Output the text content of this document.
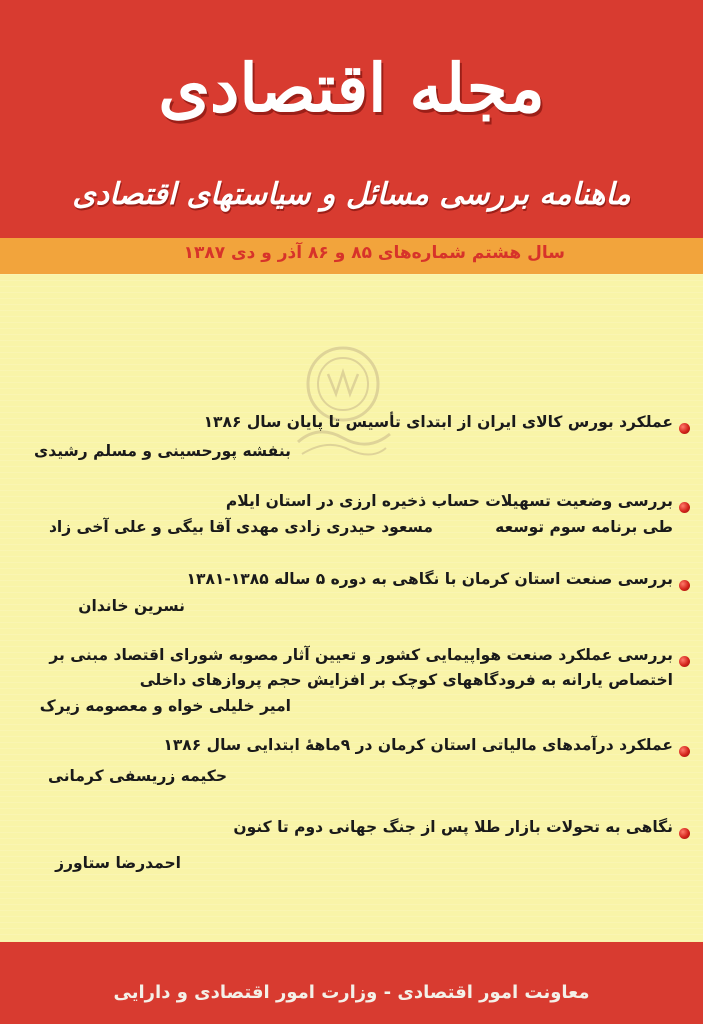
مجله اقتصادی
ماهنامه بررسی مسائل و سیاستهای اقتصادی
سال هشتم شماره‌های ۸۵ و ۸۶ آذر و دی ۱۳۸۷
عملکرد بورس کالای ایران از ابتدای تأسیس تا پایان سال ۱۳۸۶
بنفشه پورحسینی و مسلم رشیدی
بررسی وضعیت تسهیلات حساب ذخیره ارزی در استان ایلام
طی برنامه سوم توسعه
مسعود حیدری زادی مهدی آقا بیگی و علی آخی زاد
بررسی صنعت استان کرمان با نگاهی به دوره ۵ ساله ۱۳۸۵-۱۳۸۱
نسرین خاندان
بررسی عملکرد صنعت هواپیمایی کشور و تعیین آثار مصوبه شورای اقتصاد مبنی بر
اختصاص یارانه به فرودگاههای کوچک بر افزایش حجم پروازهای داخلی
امیر خلیلی خواه و معصومه زیرک
عملکرد درآمدهای مالیاتی استان کرمان در ۹ماههٔ ابتدایی سال ۱۳۸۶
حکیمه زریسفی کرمانی
نگاهی به تحولات بازار طلا پس از جنگ جهانی دوم تا کنون
احمدرضا ستاورز
معاونت امور اقتصادی - وزارت امور اقتصادی و دارایی
